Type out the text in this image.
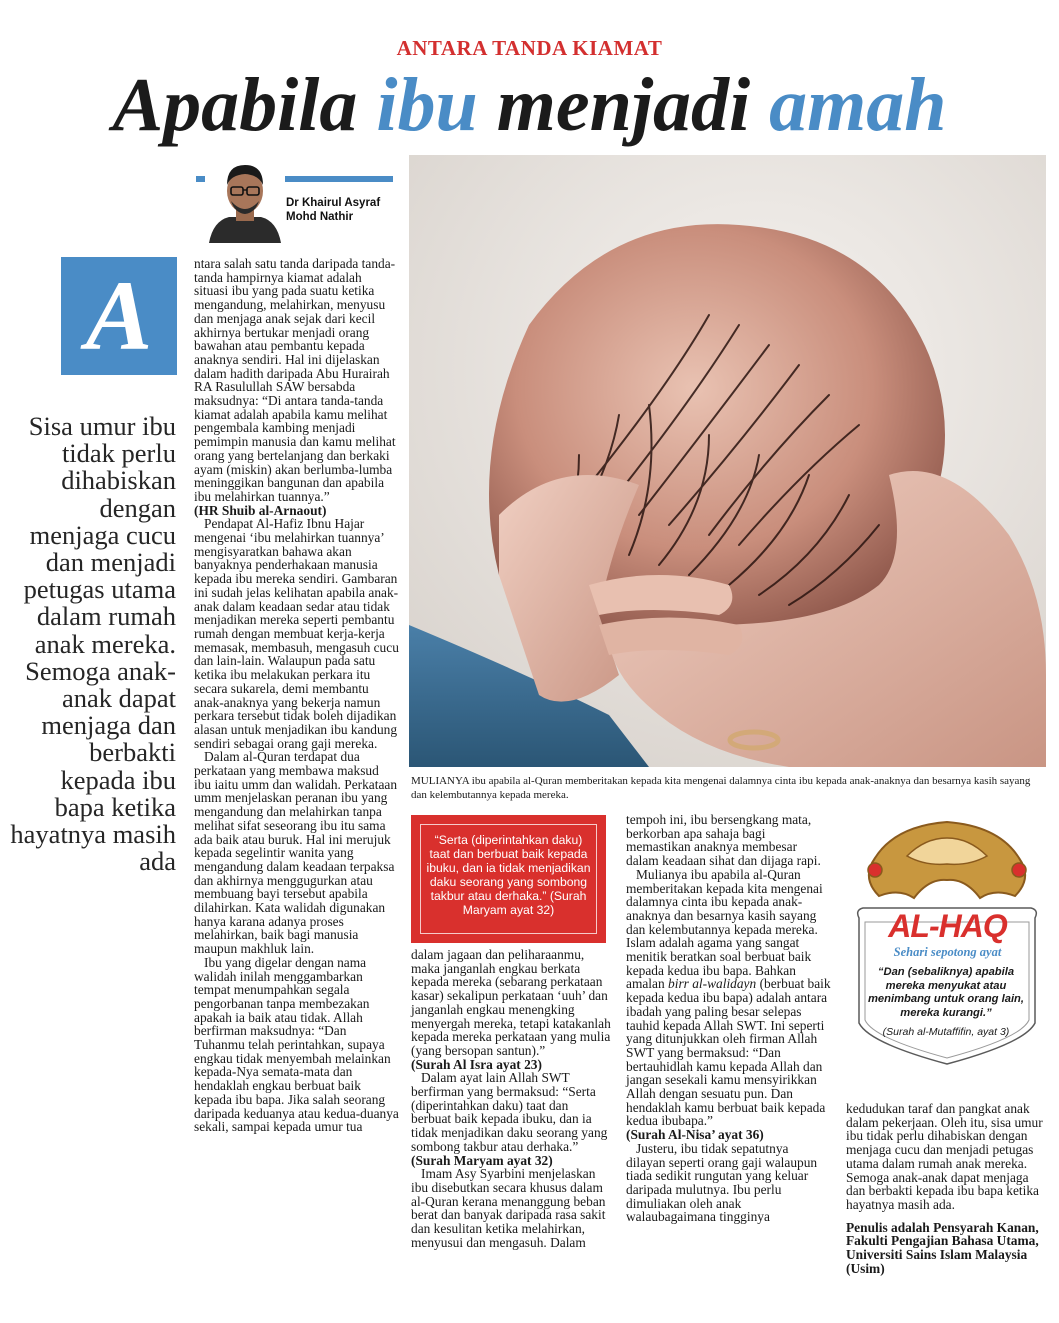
ANTARA TANDA KIAMAT
Apabila ibu menjadi amah
Dr Khairul Asyraf
Mohd Nathir
A
Sisa umur ibu tidak perlu dihabiskan dengan menjaga cucu dan menjadi petugas utama dalam rumah anak mereka. Semoga anak-anak dapat menjaga dan berbakti kepada ibu bapa ketika hayatnya masih ada

ntara salah satu tanda daripada tanda-tanda hampirnya kiamat adalah situasi ibu yang pada suatu ketika mengandung, melahirkan, menyusu dan menjaga anak sejak dari kecil akhirnya bertukar menjadi orang bawahan atau pembantu kepada anaknya sendiri. Hal ini dijelaskan dalam hadith daripada Abu Hurairah RA Rasulullah SAW bersabda maksudnya: “Di antara tanda-tanda kiamat adalah apabila kamu melihat pengembala kambing menjadi pemimpin manusia dan kamu melihat orang yang bertelanjang dan berkaki ayam (miskin) akan berlumba-lumba meninggikan bangunan dan apabila ibu melahirkan tuannya.”

(HR Shuib al-Arnaout)

Pendapat Al-Hafiz Ibnu Hajar mengenai ‘ibu melahirkan tuannya’ mengisyaratkan bahawa akan banyaknya penderhakaan manusia kepada ibu mereka sendiri. Gambaran ini sudah jelas kelihatan apabila anak-anak dalam keadaan sedar atau tidak menjadikan mereka seperti pembantu rumah dengan membuat kerja-kerja memasak, membasuh, mengasuh cucu dan lain-lain. Walaupun pada satu ketika ibu melakukan perkara itu secara sukarela, demi membantu anak-anaknya yang bekerja namun perkara tersebut tidak boleh dijadikan alasan untuk menjadikan ibu kandung sendiri sebagai orang gaji mereka.

Dalam al-Quran terdapat dua perkataan yang membawa maksud ibu iaitu umm dan walidah. Perkataan umm menjelaskan peranan ibu yang mengandung dan melahirkan tanpa melihat sifat seseorang ibu itu sama ada baik atau buruk. Hal ini merujuk kepada segelintir wanita yang mengandung dalam keadaan terpaksa dan akhirnya menggugurkan atau membuang bayi tersebut apabila dilahirkan. Kata walidah digunakan hanya karana adanya proses melahirkan, baik bagi manusia maupun makhluk lain.

Ibu yang digelar dengan nama walidah inilah menggambarkan tempat menumpahkan segala pengorbanan tanpa membezakan apakah ia baik atau tidak. Allah berfirman maksudnya: “Dan Tuhanmu telah perintahkan, supaya engkau tidak menyembah melainkan kepada-Nya semata-mata dan hendaklah engkau berbuat baik kepada ibu bapa. Jika salah seorang daripada keduanya atau kedua-duanya sekali, sampai kepada umur tua

MULIANYA ibu apabila al-Quran memberitakan kepada kita mengenai dalamnya cinta ibu kepada anak-anaknya dan besarnya kasih sayang dan kelembutannya kepada mereka.
“Serta (diperintahkan daku) taat dan berbuat baik kepada ibuku, dan ia tidak menjadikan daku seorang yang sombong takbur atau derhaka.” (Surah Maryam ayat 32)

dalam jagaan dan peliharaanmu, maka janganlah engkau berkata kepada mereka (sebarang perkataan kasar) sekalipun perkataan ‘uuh’ dan janganlah engkau menengking menyergah mereka, tetapi katakanlah kepada mereka perkataan yang mulia (yang bersopan santun).”

(Surah Al Isra ayat 23)

Dalam ayat lain Allah SWT berfirman yang bermaksud: “Serta (diperintahkan daku) taat dan berbuat baik kepada ibuku, dan ia tidak menjadikan daku seorang yang sombong takbur atau derhaka.”

(Surah Maryam ayat 32)

Imam Asy Syarbini menjelaskan ibu disebutkan secara khusus dalam al-Quran kerana menanggung beban berat dan banyak daripada rasa sakit dan kesulitan ketika melahirkan, menyusui dan mengasuh. Dalam

tempoh ini, ibu bersengkang mata, berkorban apa sahaja bagi memastikan anaknya membesar dalam keadaan sihat dan dijaga rapi.

Mulianya ibu apabila al-Quran memberitakan kepada kita mengenai dalamnya cinta ibu kepada anak-anaknya dan besarnya kasih sayang dan kelembutannya kepada mereka. Islam adalah agama yang sangat menitik beratkan soal berbuat baik kepada kedua ibu bapa. Bahkan amalan birr al-walidayn (berbuat baik kepada kedua ibu bapa) adalah antara ibadah yang paling besar selepas tauhid kepada Allah SWT. Ini seperti yang ditunjukkan oleh firman Allah SWT yang bermaksud: “Dan bertauhidlah kamu kepada Allah dan jangan sesekali kamu mensyirikkan Allah dengan sesuatu pun. Dan hendaklah kamu berbuat baik kepada kedua ibubapa.”

(Surah Al-Nisa’ ayat 36)

Justeru, ibu tidak sepatutnya dilayan seperti orang gaji walaupun tiada sedikit rungutan yang keluar daripada mulutnya. Ibu perlu dimuliakan oleh anak walaubagaimana tingginya

AL-HAQ
Sehari sepotong ayat
“Dan (sebaliknya) apabila mereka menyukat atau menimbang untuk orang lain, mereka kurangi.”
(Surah al-Mutaffifin, ayat 3)

kedudukan taraf dan pangkat anak dalam pekerjaan. Oleh itu, sisa umur ibu tidak perlu dihabiskan dengan menjaga cucu dan menjadi petugas utama dalam rumah anak mereka. Semoga anak-anak dapat menjaga dan berbakti kepada ibu bapa ketika hayatnya masih ada.

Penulis adalah Pensyarah Kanan, Fakulti Pengajian Bahasa Utama, Universiti Sains Islam Malaysia (Usim)
